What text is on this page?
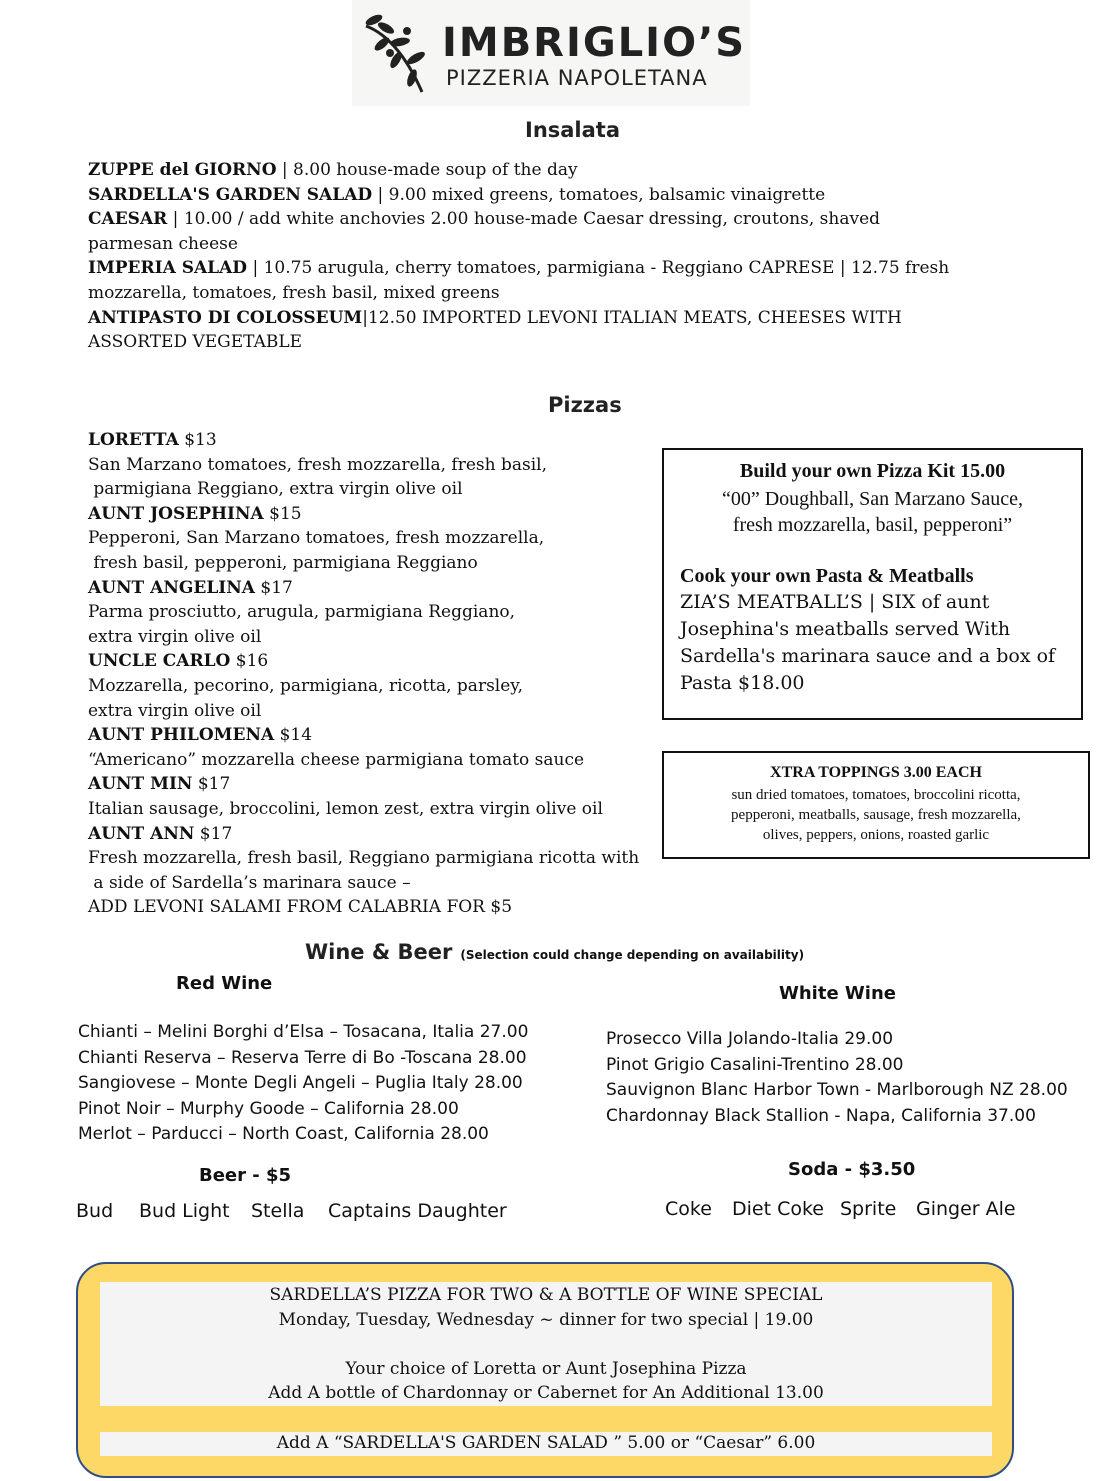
IMBRIGLIO’S
PIZZERIA NAPOLETANA
Insalata
ZUPPE del GIORNO | 8.00 house-made soup of the day
SARDELLA'S GARDEN SALAD | 9.00 mixed greens, tomatoes, balsamic vinaigrette
CAESAR | 10.00 / add white anchovies 2.00 house-made Caesar dressing, croutons, shaved
parmesan cheese
IMPERIA SALAD | 10.75 arugula, cherry tomatoes, parmigiana - Reggiano CAPRESE | 12.75 fresh
mozzarella, tomatoes, fresh basil, mixed greens
ANTIPASTO DI COLOSSEUM|12.50 IMPORTED LEVONI ITALIAN MEATS, CHEESES WITH
ASSORTED VEGETABLE
Pizzas
LORETTA $13
San Marzano tomatoes, fresh mozzarella, fresh basil,
parmigiana Reggiano, extra virgin olive oil
AUNT JOSEPHINA $15
Pepperoni, San Marzano tomatoes, fresh mozzarella,
fresh basil, pepperoni, parmigiana Reggiano
AUNT ANGELINA $17
Parma prosciutto, arugula, parmigiana Reggiano,
extra virgin olive oil
UNCLE CARLO $16
Mozzarella, pecorino, parmigiana, ricotta, parsley,
extra virgin olive oil
AUNT PHILOMENA $14
“Americano” mozzarella cheese parmigiana tomato sauce
AUNT MIN $17
Italian sausage, broccolini, lemon zest, extra virgin olive oil
AUNT ANN $17
Fresh mozzarella, fresh basil, Reggiano parmigiana ricotta with
a side of Sardella’s marinara sauce –
ADD LEVONI SALAMI FROM CALABRIA FOR $5
Build your own Pizza Kit 15.00
“00” Doughball, San Marzano Sauce,
fresh mozzarella, basil, pepperoni”
Cook your own Pasta & Meatballs
ZIA’S MEATBALL’S | SIX of aunt
Josephina's meatballs served With
Sardella's marinara sauce and a box of
Pasta $18.00
XTRA TOPPINGS 3.00 EACH
sun dried tomatoes, tomatoes, broccolini ricotta,
pepperoni, meatballs, sausage, fresh mozzarella,
olives, peppers, onions, roasted garlic
Wine & Beer (Selection could change depending on availability)
Red Wine
Chianti – Melini Borghi d’Elsa – Tosacana, Italia 27.00
Chianti Reserva – Reserva Terre di Bo -Toscana 28.00
Sangiovese – Monte Degli Angeli – Puglia Italy 28.00
Pinot Noir – Murphy Goode – California 28.00
Merlot – Parducci – North Coast, California 28.00
White Wine
Prosecco Villa Jolando-Italia 29.00
Pinot Grigio Casalini-Trentino 28.00
Sauvignon Blanc Harbor Town - Marlborough NZ 28.00
Chardonnay Black Stallion - Napa, California 37.00
Beer - $5
Bud Bud Light Stella Captains Daughter
Soda - $3.50
Coke Diet Coke Sprite Ginger Ale
SARDELLA’S PIZZA FOR TWO & A BOTTLE OF WINE SPECIAL
Monday, Tuesday, Wednesday ~ dinner for two special | 19.00
Your choice of Loretta or Aunt Josephina Pizza
Add A bottle of Chardonnay or Cabernet for An Additional 13.00
Add A “SARDELLA'S GARDEN SALAD ” 5.00 or “Caesar” 6.00
